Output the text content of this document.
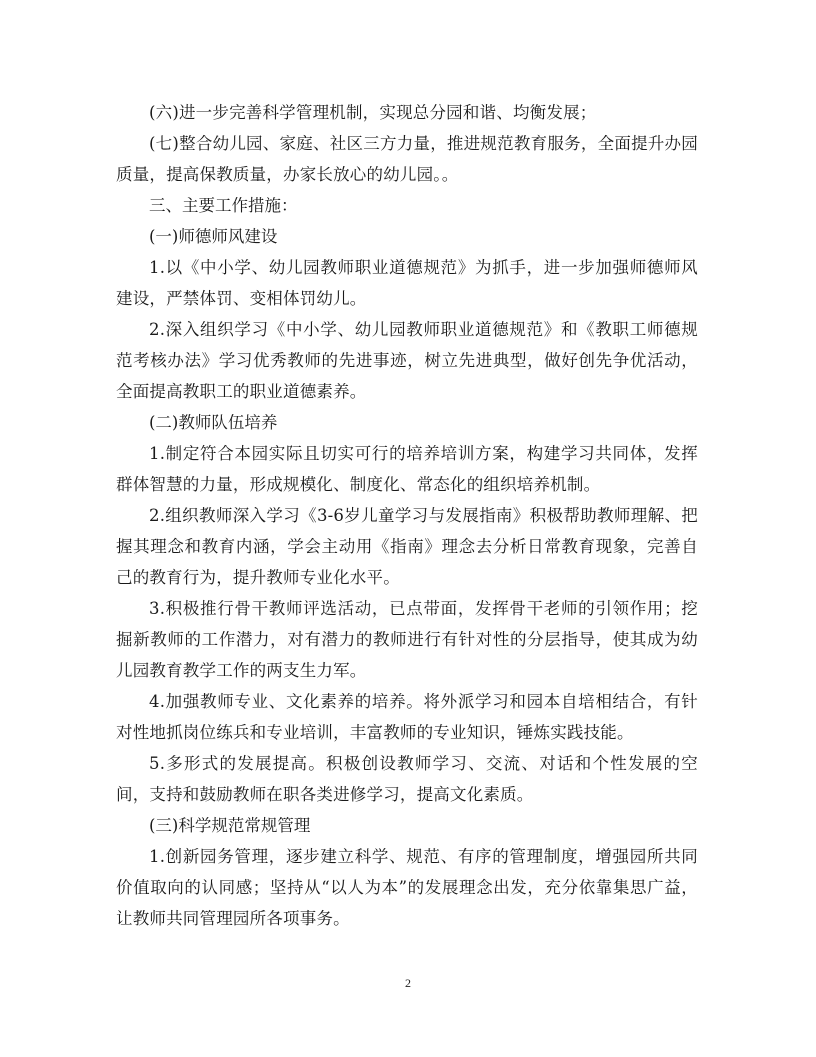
(六)进一步完善科学管理机制，实现总分园和谐、均衡发展；

(七)整合幼儿园、家庭、社区三方力量，推进规范教育服务，全面提升办园质量，提高保教质量，办家长放心的幼儿园。。

三、主要工作措施：

(一)师德师风建设

1.以《中小学、幼儿园教师职业道德规范》为抓手，进一步加强师德师风建设，严禁体罚、变相体罚幼儿。

2.深入组织学习《中小学、幼儿园教师职业道德规范》和《教职工师德规范考核办法》学习优秀教师的先进事迹，树立先进典型，做好创先争优活动，全面提高教职工的职业道德素养。

(二)教师队伍培养

1.制定符合本园实际且切实可行的培养培训方案，构建学习共同体，发挥群体智慧的力量，形成规模化、制度化、常态化的组织培养机制。

2.组织教师深入学习《3-6岁儿童学习与发展指南》积极帮助教师理解、把握其理念和教育内涵，学会主动用《指南》理念去分析日常教育现象，完善自己的教育行为，提升教师专业化水平。

3.积极推行骨干教师评选活动，已点带面，发挥骨干老师的引领作用；挖掘新教师的工作潜力，对有潜力的教师进行有针对性的分层指导，使其成为幼儿园教育教学工作的两支生力军。

4.加强教师专业、文化素养的培养。将外派学习和园本自培相结合，有针对性地抓岗位练兵和专业培训，丰富教师的专业知识，锤炼实践技能。

5.多形式的发展提高。积极创设教师学习、交流、对话和个性发展的空间，支持和鼓励教师在职各类进修学习，提高文化素质。

(三)科学规范常规管理

1.创新园务管理，逐步建立科学、规范、有序的管理制度，增强园所共同价值取向的认同感；坚持从“以人为本”的发展理念出发，充分依靠集思广益，让教师共同管理园所各项事务。

2
